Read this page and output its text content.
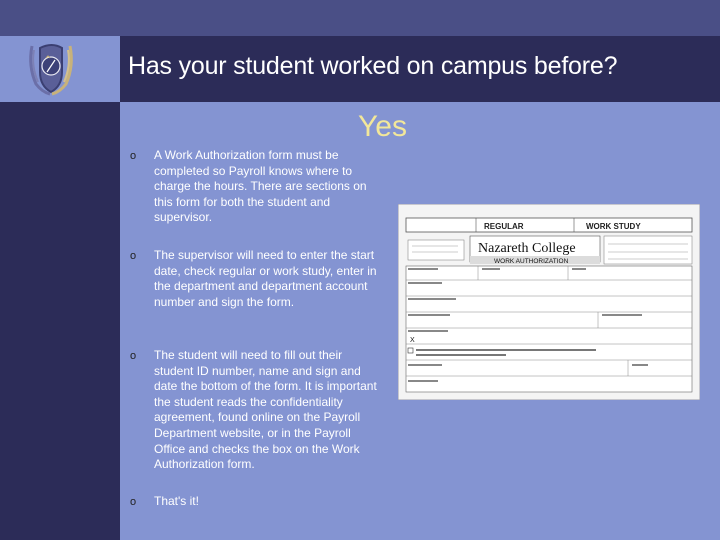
Has your student worked on campus before?
Yes
o A Work Authorization form must be completed so Payroll knows where to charge the hours. There are sections on this form for both the student and supervisor.
o The supervisor will need to enter the start date, check regular or work study, enter in the department and department account number and sign the form.
o The student will need to fill out their student ID number, name and sign and date the bottom of the form. It is important the student reads the confidentiality agreement, found online on the Payroll Department website, or in the Payroll Office and checks the box on the Work Authorization form.
o That's it!
REGULAR	WORK STUDY
Nazareth College
WORK AUTHORIZATION
X
